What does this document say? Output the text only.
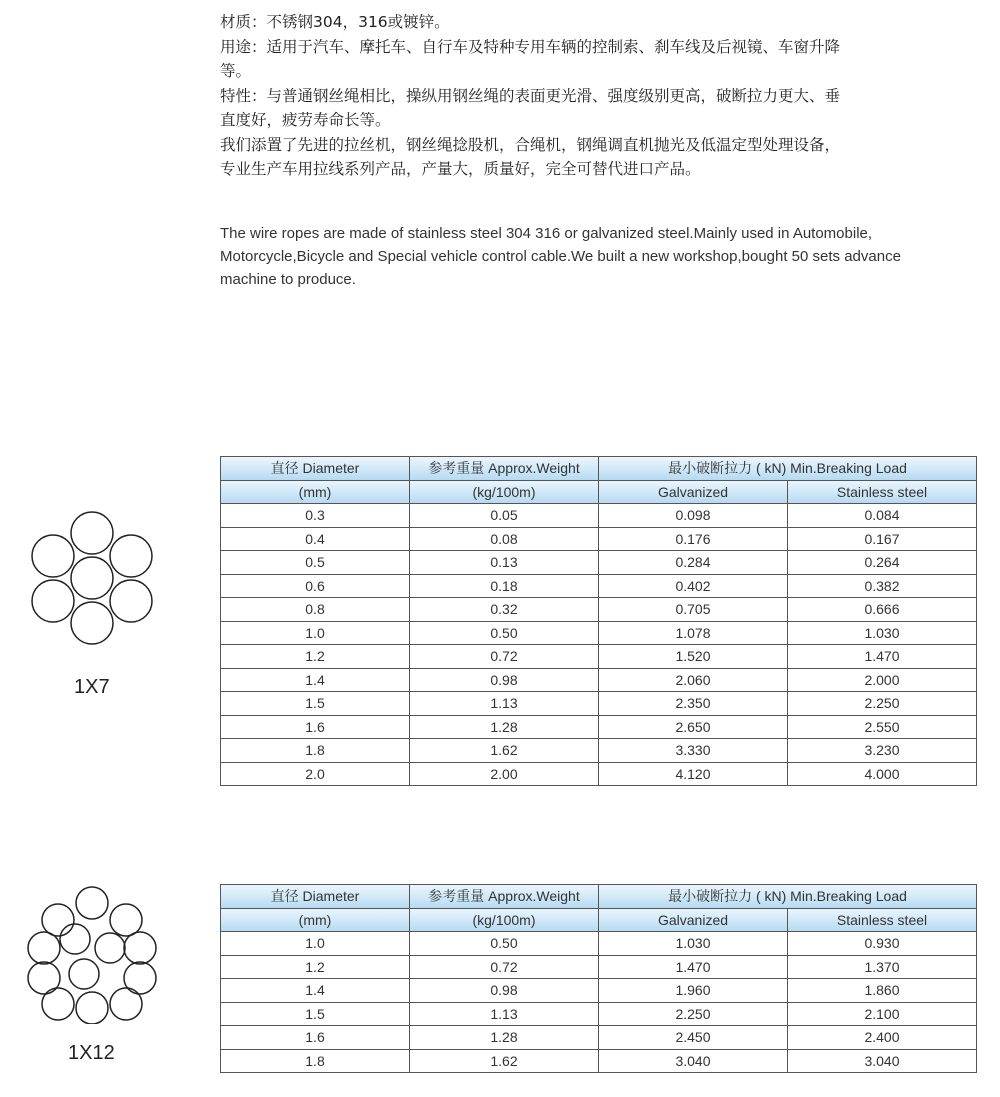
材质：不锈钢304，316或镀锌。

用途：适用于汽车、摩托车、自行车及特种专用车辆的控制索、刹车线及后视镜、车窗升降

等。

特性：与普通钢丝绳相比，操纵用钢丝绳的表面更光滑、强度级别更高，破断拉力更大、垂

直度好，疲劳寿命长等。

我们添置了先进的拉丝机，钢丝绳捻股机，合绳机，钢绳调直机抛光及低温定型处理设备，

专业生产车用拉线系列产品，产量大，质量好，完全可替代进口产品。

The wire ropes are made of stainless steel 304 316 or galvanized steel.Mainly used in Automobile,

Motorcycle,Bicycle and Special vehicle control cable.We built a new workshop,bought 50 sets advance

machine to produce.

1X7
1X12
直径 Diameter	参考重量 Approx.Weight	最小破断拉力 ( kN) Min.Breaking Load	
(mm)	(kg/100m)	Galvanized	Stainless steel
0.3	0.05	0.098	0.084
0.4	0.08	0.176	0.167
0.5	0.13	0.284	0.264
0.6	0.18	0.402	0.382
0.8	0.32	0.705	0.666
1.0	0.50	1.078	1.030
1.2	0.72	1.520	1.470
1.4	0.98	2.060	2.000
1.5	1.13	2.350	2.250
1.6	1.28	2.650	2.550
1.8	1.62	3.330	3.230
2.0	2.00	4.120	4.000
直径 Diameter	参考重量 Approx.Weight	最小破断拉力 ( kN) Min.Breaking Load	
(mm)	(kg/100m)	Galvanized	Stainless steel
1.0	0.50	1.030	0.930
1.2	0.72	1.470	1.370
1.4	0.98	1.960	1.860
1.5	1.13	2.250	2.100
1.6	1.28	2.450	2.400
1.8	1.62	3.040	3.040
